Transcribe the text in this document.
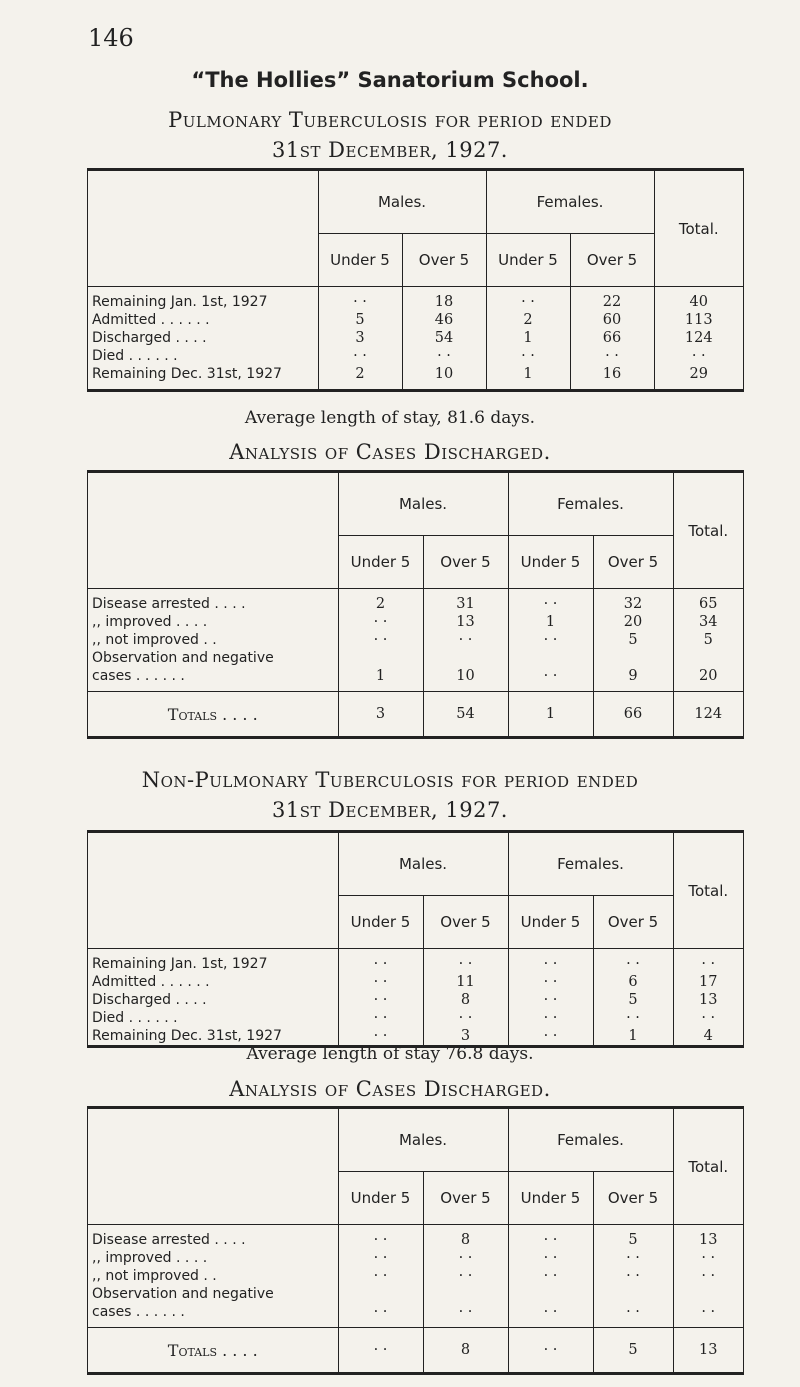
146
“The Hollies” Sanatorium School.
Pulmonary Tuberculosis for period ended
31st December, 1927.
	Males.		Females.		Total.
	Under 5	Over 5	Under 5	Over 5	

Remaining Jan. 1st, 1927	· ·	18	· ·	22	40
Admitted . . . . . .	5	46	2	60	113
Discharged . . . .	3	54	1	66	124
Died . . . . . .	· ·	· ·	· ·	· ·	· ·
Remaining Dec. 31st, 1927	2	10	1	16	29

Average length of stay, 81.6 days.
Analysis of Cases Discharged.
	Males.		Females.		Total.
	Under 5	Over 5	Under 5	Over 5	

Disease arrested . . . .	2	31	· ·	32	65
,, improved . . . .	· ·	13	1	20	34
,, not improved . .	· ·	· ·	· ·	5	5
Observation and negative					
cases . . . . . .	1	10	· ·	9	20

Totals . . . .	3	54	1	66	124
Non-Pulmonary Tuberculosis for period ended
31st December, 1927.
	Males.		Females.		Total.
	Under 5	Over 5	Under 5	Over 5	

Remaining Jan. 1st, 1927	· ·	· ·	· ·	· ·	· ·
Admitted . . . . . .	· ·	11	· ·	6	17
Discharged . . . .	· ·	8	· ·	5	13
Died . . . . . .	· ·	· ·	· ·	· ·	· ·
Remaining Dec. 31st, 1927	· ·	3	· ·	1	4
Average length of stay 76.8 days.
Analysis of Cases Discharged.
	Males.		Females.		Total.
	Under 5	Over 5	Under 5	Over 5	

Disease arrested . . . .	· ·	8	· ·	5	13
,, improved . . . .	· ·	· ·	· ·	· ·	· ·
,, not improved . .	· ·	· ·	· ·	· ·	· ·
Observation and negative					
cases . . . . . .	· ·	· ·	· ·	· ·	· ·

Totals . . . .	· ·	8	· ·	5	13
